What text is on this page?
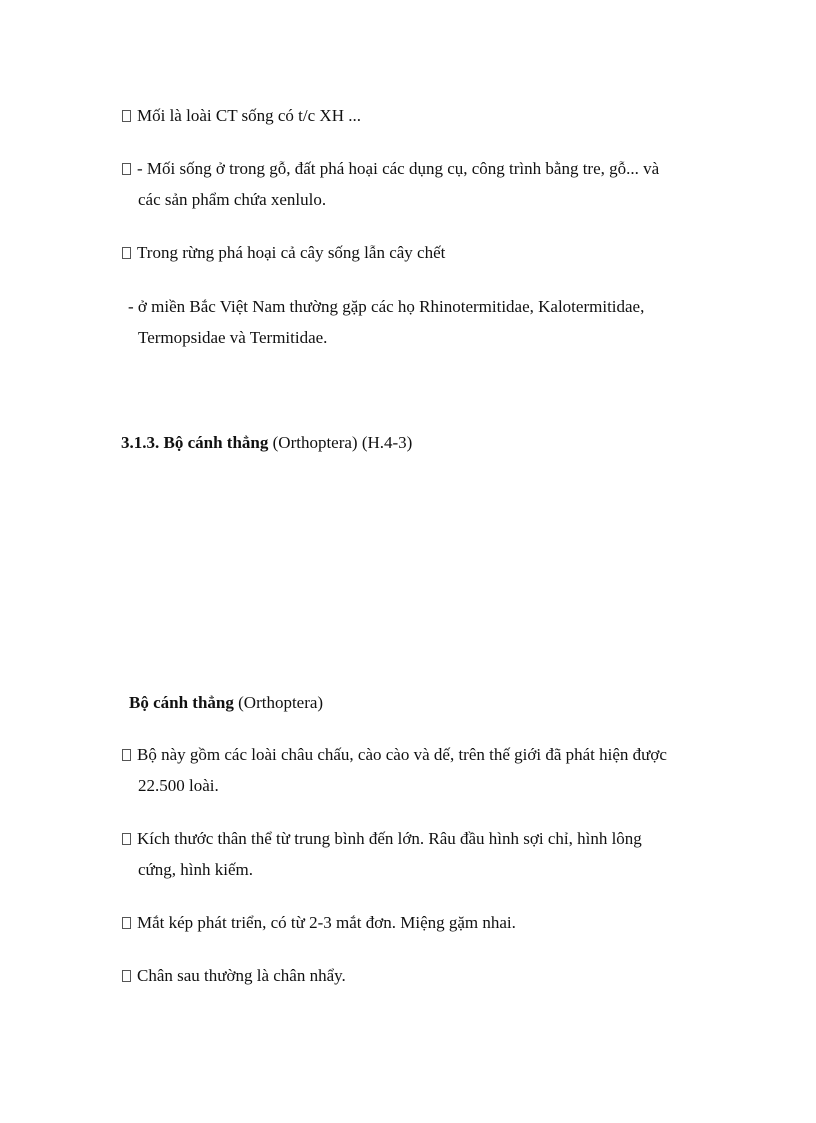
Mối là loài CT sống có t/c XH ...
- Mối sống ở trong gỗ, đất phá hoại các dụng cụ, công trình bằng tre, gỗ... và
các sản phẩm chứa xenlulo.
Trong rừng phá hoại cả cây sống lẫn cây chết
- ở miền Bắc Việt Nam thường gặp các họ Rhinotermitidae, Kalotermitidae,
Termopsidae và Termitidae.
3.1.3. Bộ cánh thẳng (Orthoptera) (H.4-3)
Bộ cánh thẳng (Orthoptera)
Bộ này gồm các loài châu chấu, cào cào và dế, trên thế giới đã phát hiện được
22.500 loài.
Kích thước thân thể từ trung bình đến lớn. Râu đầu hình sợi chỉ, hình lông
cứng, hình kiếm.
Mắt kép phát triển, có từ 2-3 mắt đơn. Miệng gặm nhai.
Chân sau thường là chân nhẩy.
